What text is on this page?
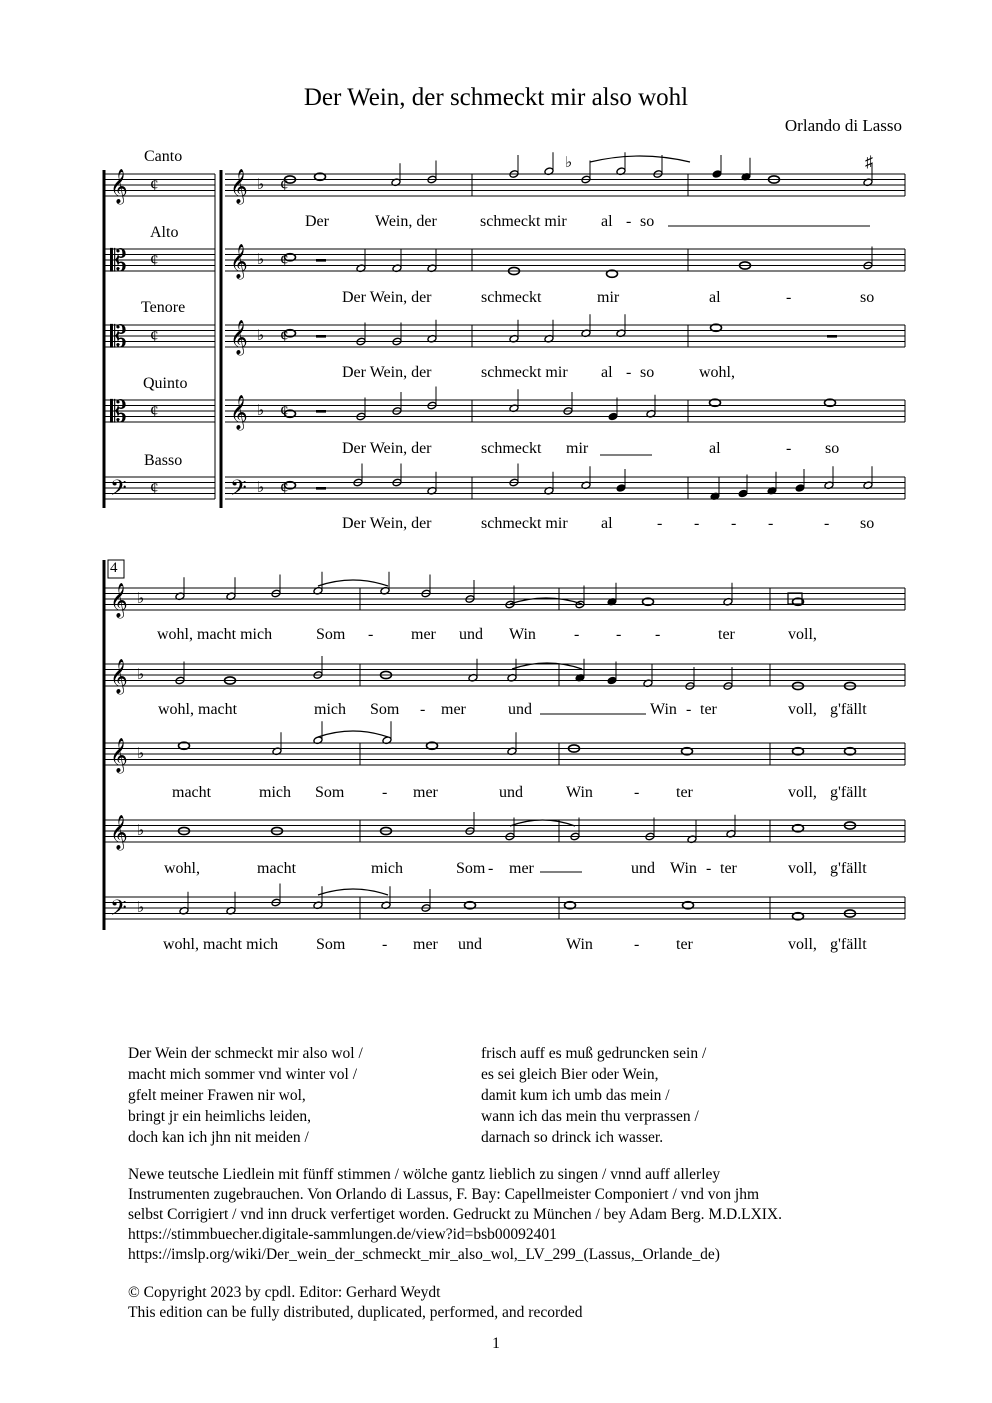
Der Wein, der schmeckt mir also wohl
Orlando di Lasso
Canto
Alto
Tenore
Quinto
Basso
Der	Wein, der	schmeckt mir al - so
Der Wein, der	schmeckt	mir	al	-	so
Der Wein, der	schmeckt mir al - so	wohl,
Der Wein, der	schmeckt mir	al	- so
Der Wein, der	schmeckt mir al	- - - -	- so
wohl, macht mich	Som - mer und Win - - -	ter	voll,
wohl, macht	mich Som - mer	und	Win - ter	voll, g'fällt
macht	mich Som - mer	und	Win	- ter	voll, g'fällt
wohl,	macht	mich	Som - mer	und Win - ter	voll, g'fällt
wohl, macht mich Som - mer und	Win	- ter	voll, g'fällt
4
𝄞	𝄞
¢	¢
♭
𝄡	𝄞
¢	¢
♭
𝄡	𝄞
¢	¢
♭
𝄡	𝄞
¢	¢
♭
𝄢	𝄢
¢	¢
♭
♭	♯
𝄞 ♭
𝄞 ♭
𝄞 ♭
𝄞 ♭
𝄢 ♭
Der Wein der schmeckt mir also wol /
macht mich sommer vnd winter vol /
gfelt meiner Frawen nir wol,
bringt jr ein heimlichs leiden,
doch kan ich jhn nit meiden /
frisch auff es muß gedruncken sein /
es sei gleich Bier oder Wein,
damit kum ich umb das mein /
wann ich das mein thu verprassen /
darnach so drinck ich wasser.
Newe teutsche Liedlein mit fünff stimmen / wölche gantz lieblich zu singen / vnnd auff allerley
Instrumenten zugebrauchen. Von Orlando di Lassus, F. Bay: Capellmeister Componiert / vnd von jhm
selbst Corrigiert / vnd inn druck verfertiget worden. Gedruckt zu München / bey Adam Berg. M.D.LXIX.
https://stimmbuecher.digitale-sammlungen.de/view?id=bsb00092401
https://imslp.org/wiki/Der_wein_der_schmeckt_mir_also_wol,_LV_299_(Lassus,_Orlande_de)
© Copyright 2023 by cpdl. Editor: Gerhard Weydt
This edition can be fully distributed, duplicated, performed, and recorded
1
